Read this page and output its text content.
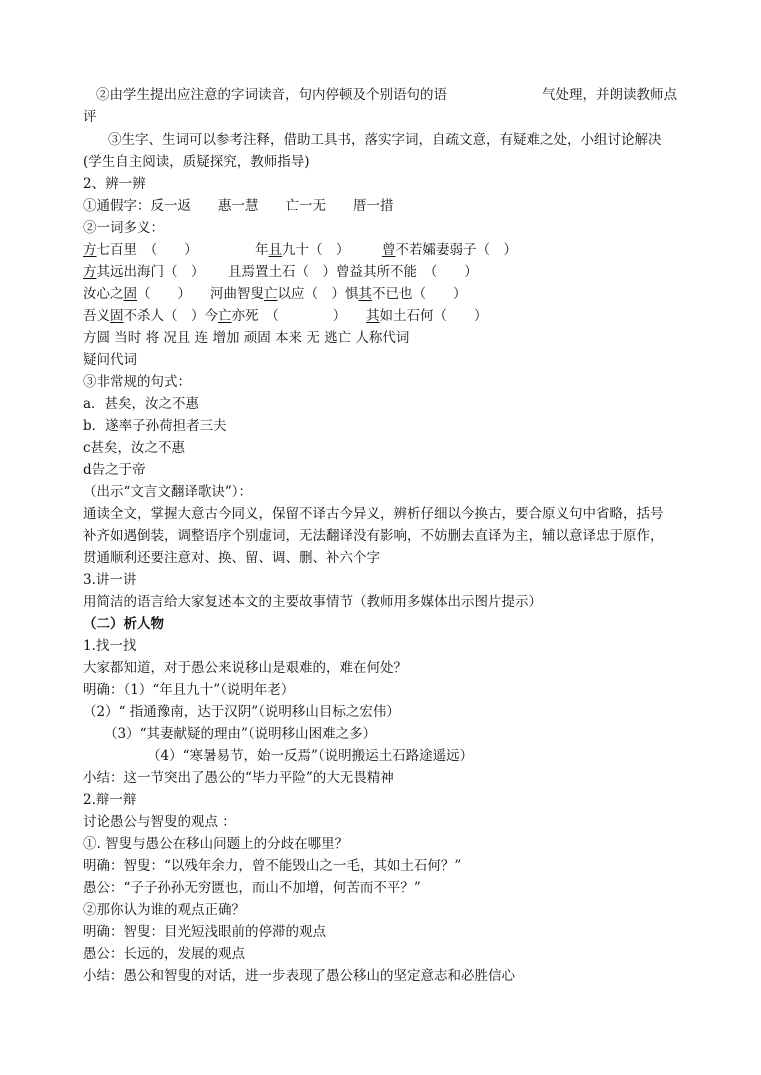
②由学生提出应注意的字词读音，句内停顿及个别语句的语	气处理，并朗读教师点
评
③生字、生词可以参考注释，借助工具书，落实字词，自疏文意，有疑难之处，小组讨论解决
(学生自主阅读，质疑探究，教师指导)
2、辨一辨
①通假字：反一返　　惠一慧　　亡一无　　厝一措
②一词多义：
方七百里　（　　）	年且九十（　） 曾不若孀妻弱子（　）
方其远出海门（　） 且焉置土石（　）曾益其所不能　（　　）
汝心之固（　　） 河曲智叟亡以应（　）惧其不已也（　　）
吾义固不杀人（　）今亡亦死　（　　　　） 其如土石何（　　）
方圆 当时 将 况且 连 增加 顽固 本来 无 逃亡 人称代词
疑问代词
③非常规的句式：
a．甚矣，汝之不惠
b．遂率子孙荷担者三夫
c甚矣，汝之不惠
d告之于帝
（出示“文言文翻译歌诀”）：
通读全文，掌握大意古今同义，保留不译古今异义，辨析仔细以今换古，要合原义句中省略，括号
补齐如遇倒装，调整语序个别虚词，无法翻译没有影响，不妨删去直译为主，辅以意译忠于原作，
贯通顺利还要注意对、换、留、调、删、补六个字
3.讲一讲
用简洁的语言给大家复述本文的主要故事情节（教师用多媒体出示图片提示）
（二）析人物
1.找一找
大家都知道，对于愚公来说移山是艰难的，难在何处？
明确：（1）“年且九十”（说明年老）
（2）“ 指通豫南，达于汉阴”（说明移山目标之宏伟）
（3）“其妻献疑的理由”（说明移山困难之多）
（4）“寒暑易节，始一反焉”（说明搬运土石路途遥远）
小结：这一节突出了愚公的“毕力平险”的大无畏精神
2.辩一辩
讨论愚公与智叟的观点 ：
①. 智叟与愚公在移山问题上的分歧在哪里？
明确：智叟：“以残年余力，曾不能毁山之一毛，其如土石何？”
愚公：“子子孙孙无穷匮也，而山不加增，何苦而不平？”
②那你认为谁的观点正确？
明确：智叟：目光短浅眼前的停滞的观点
愚公：长远的，发展的观点
小结：愚公和智叟的对话，进一步表现了愚公移山的坚定意志和必胜信心
